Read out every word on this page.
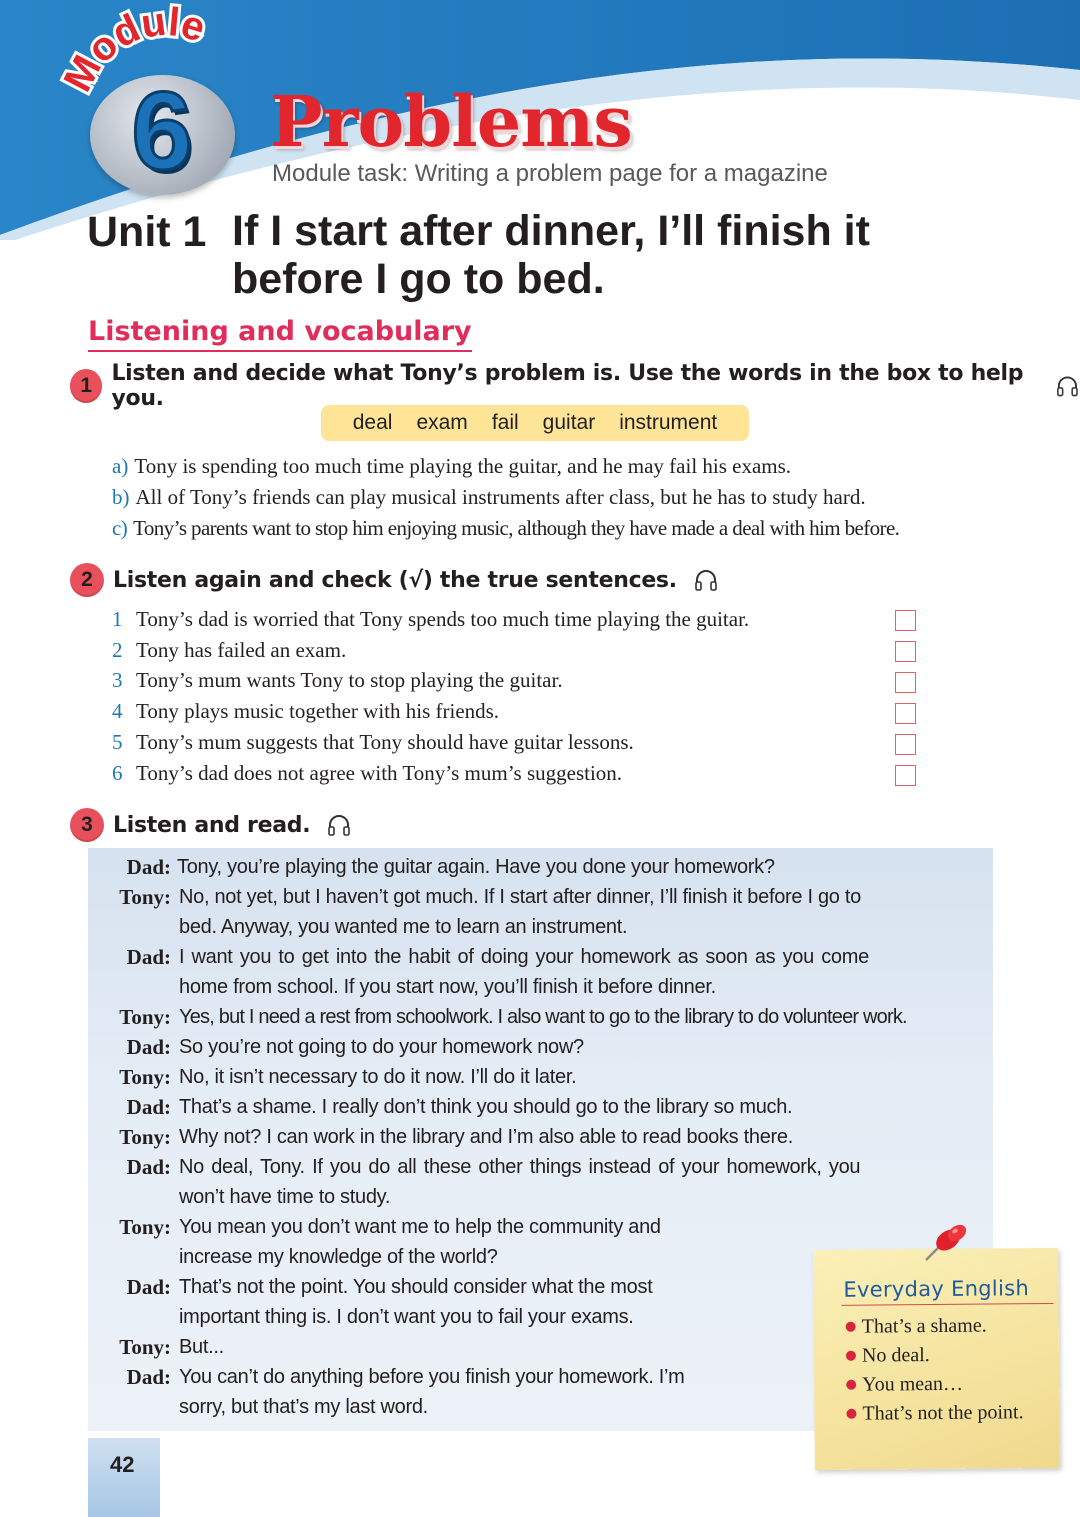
Module
6 Problems
Module task: Writing a problem page for a magazine
Unit 1 If I start after dinner, I’ll finish it
before I go to bed.
Listening and vocabulary
1 Listen and decide what Tony’s problem is. Use the words in the box to help you.
deal exam fail guitar instrument
a) Tony is spending too much time playing the guitar, and he may fail his exams.
b) All of Tony’s friends can play musical instruments after class, but he has to study hard.
c) Tony’s parents want to stop him enjoying music, although they have made a deal with him before.
2 Listen again and check (√) the true sentences.
1 Tony’s dad is worried that Tony spends too much time playing the guitar.
2 Tony has failed an exam.
3 Tony’s mum wants Tony to stop playing the guitar.
4 Tony plays music together with his friends.
5 Tony’s mum suggests that Tony should have guitar lessons.
6 Tony’s dad does not agree with Tony’s mum’s suggestion.
3 Listen and read.
Dad: Tony, you’re playing the guitar again. Have you done your homework?
Tony: No, not yet, but I haven’t got much. If I start after dinner, I’ll finish it before I go to
bed. Anyway, you wanted me to learn an instrument.
Dad: I want you to get into the habit of doing your homework as soon as you come
home from school. If you start now, you’ll finish it before dinner.
Tony: Yes, but I need a rest from schoolwork. I also want to go to the library to do volunteer work.
Dad: So you’re not going to do your homework now?
Tony: No, it isn’t necessary to do it now. I’ll do it later.
Dad: That’s a shame. I really don’t think you should go to the library so much.
Tony: Why not? I can work in the library and I’m also able to read books there.
Dad: No deal, Tony. If you do all these other things instead of your homework, you
won’t have time to study.
Tony: You mean you don’t want me to help the community and
increase my knowledge of the world?
Dad: That’s not the point. You should consider what the most
important thing is. I don’t want you to fail your exams.
Tony: But...
Dad: You can’t do anything before you finish your homework. I’m
sorry, but that’s my last word.
Everyday English
That’s a shame.
No deal.
You mean…
That’s not the point.
42
